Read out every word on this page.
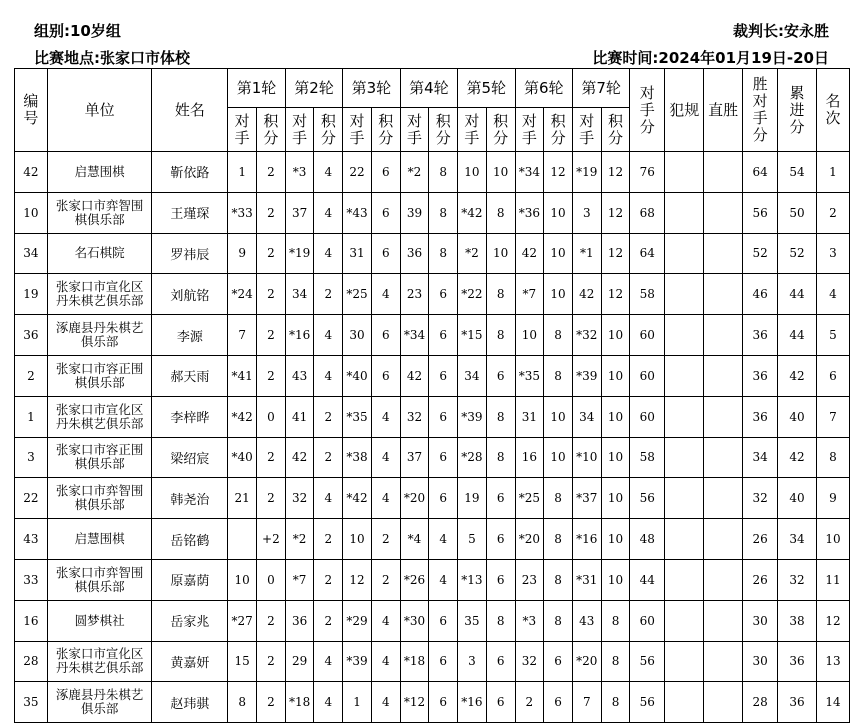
组别:10岁组	裁判长:安永胜
比赛地点:张家口市体校	比赛时间:2024年01月19日-20日
编号	单位	姓名	第1轮		第2轮		第3轮		第4轮		第5轮		第6轮		第7轮		对手分	犯规	直胜	胜对手分	累进分	名次

			对手	积分	对手	积分	对手	积分	对手	积分	对手	积分	对手	积分	对手	积分						

42	启慧围棋	靳依路	1	2	*3	4	22	6	*2	8	10	10	*34	12	*19	12	76			64	54	1
10	张家口市弈智围棋俱乐部	王瑾琛	*33	2	37	4	*43	6	39	8	*42	8	*36	10	3	12	68			56	50	2
34	名石棋院	罗祎辰	9	2	*19	4	31	6	36	8	*2	10	42	10	*1	12	64			52	52	3
19	张家口市宣化区丹朱棋艺俱乐部	刘航铭	*24	2	34	2	*25	4	23	6	*22	8	*7	10	42	12	58			46	44	4
36	涿鹿县丹朱棋艺俱乐部	李源	7	2	*16	4	30	6	*34	6	*15	8	10	8	*32	10	60			36	44	5
2	张家口市容正围棋俱乐部	郝天雨	*41	2	43	4	*40	6	42	6	34	6	*35	8	*39	10	60			36	42	6
1	张家口市宣化区丹朱棋艺俱乐部	李梓晔	*42	0	41	2	*35	4	32	6	*39	8	31	10	34	10	60			36	40	7
3	张家口市容正围棋俱乐部	梁绍宸	*40	2	42	2	*38	4	37	6	*28	8	16	10	*10	10	58			34	42	8
22	张家口市弈智围棋俱乐部	韩尧治	21	2	32	4	*42	4	*20	6	19	6	*25	8	*37	10	56			32	40	9
43	启慧围棋	岳铭鹤		+2	*2	2	10	2	*4	4	5	6	*20	8	*16	10	48			26	34	10
33	张家口市弈智围棋俱乐部	原嘉荫	10	0	*7	2	12	2	*26	4	*13	6	23	8	*31	10	44			26	32	11
16	圆梦棋社	岳家兆	*27	2	36	2	*29	4	*30	6	35	8	*3	8	43	8	60			30	38	12
28	张家口市宣化区丹朱棋艺俱乐部	黄嘉妍	15	2	29	4	*39	4	*18	6	3	6	32	6	*20	8	56			30	36	13
35	涿鹿县丹朱棋艺俱乐部	赵玮骐	8	2	*18	4	1	4	*12	6	*16	6	2	6	7	8	56			28	36	14
